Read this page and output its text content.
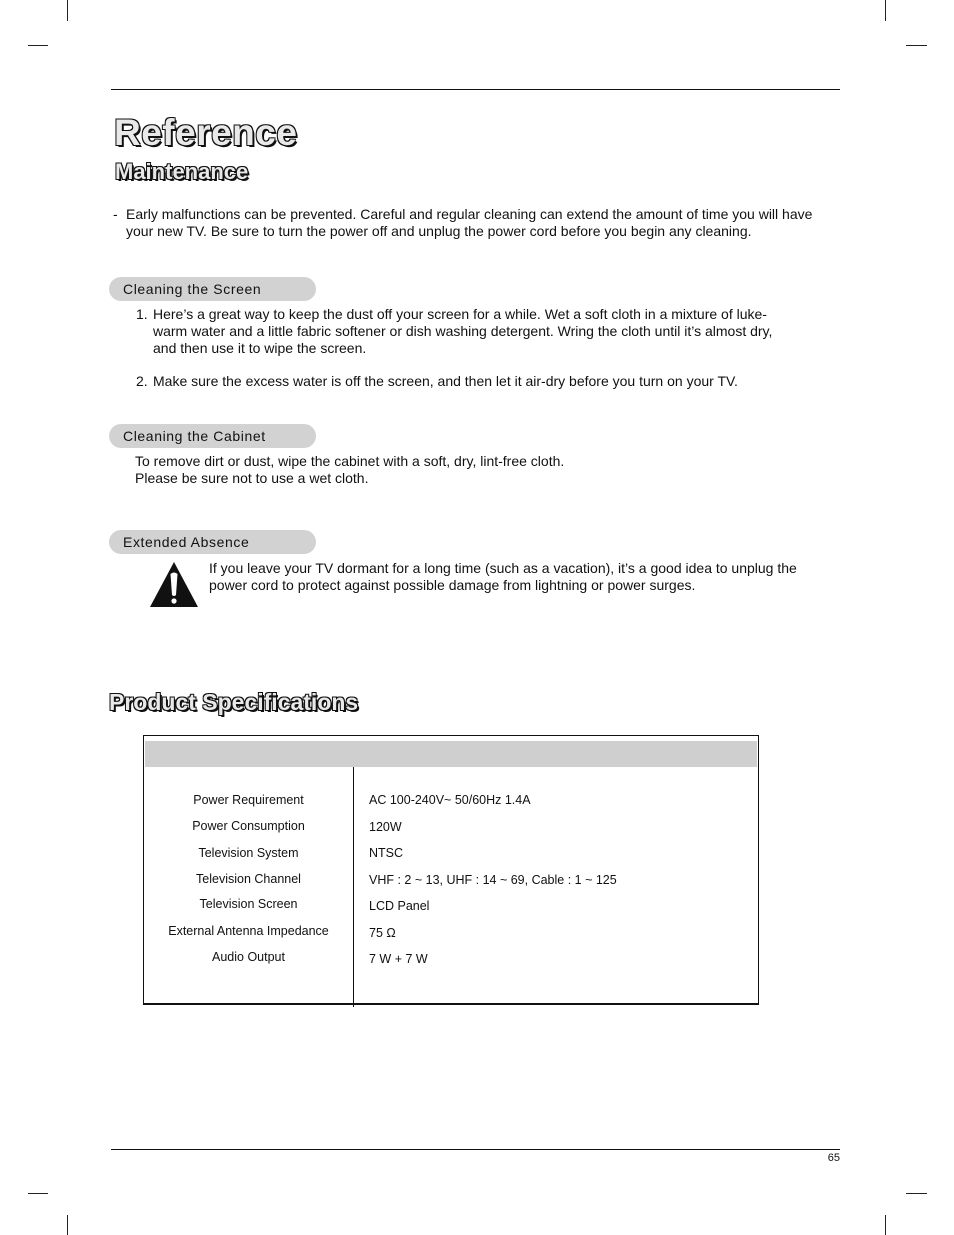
Reference
Maintenance

- Early malfunctions can be prevented. Careful and regular cleaning can extend the amount of time you will have your new TV. Be sure to turn the power off and unplug the power cord before you begin any cleaning.

Cleaning the Screen
1. Here’s a great way to keep the dust off your screen for a while. Wet a soft cloth in a mixture of luke-warm water and a little fabric softener or dish washing detergent. Wring the cloth until it’s almost dry, and then use it to wipe the screen.
2. Make sure the excess water is off the screen, and then let it air-dry before you turn on your TV.
Cleaning the Cabinet

To remove dirt or dust, wipe the cabinet with a soft, dry, lint-free cloth.
Please be sure not to use a wet cloth.

Extended Absence

If you leave your TV dormant for a long time (such as a vacation), it’s a good idea to unplug the power cord to protect against possible damage from lightning or power surges.

Product Specifications
Power Requirement	AC 100-240V~ 50/60Hz 1.4A
Power Consumption	120W
Television System	NTSC
Television Channel	VHF : 2 ~ 13, UHF : 14 ~ 69, Cable : 1 ~ 125
Television Screen	LCD Panel
External Antenna Impedance	75 Ω
Audio Output	7 W + 7 W
65
